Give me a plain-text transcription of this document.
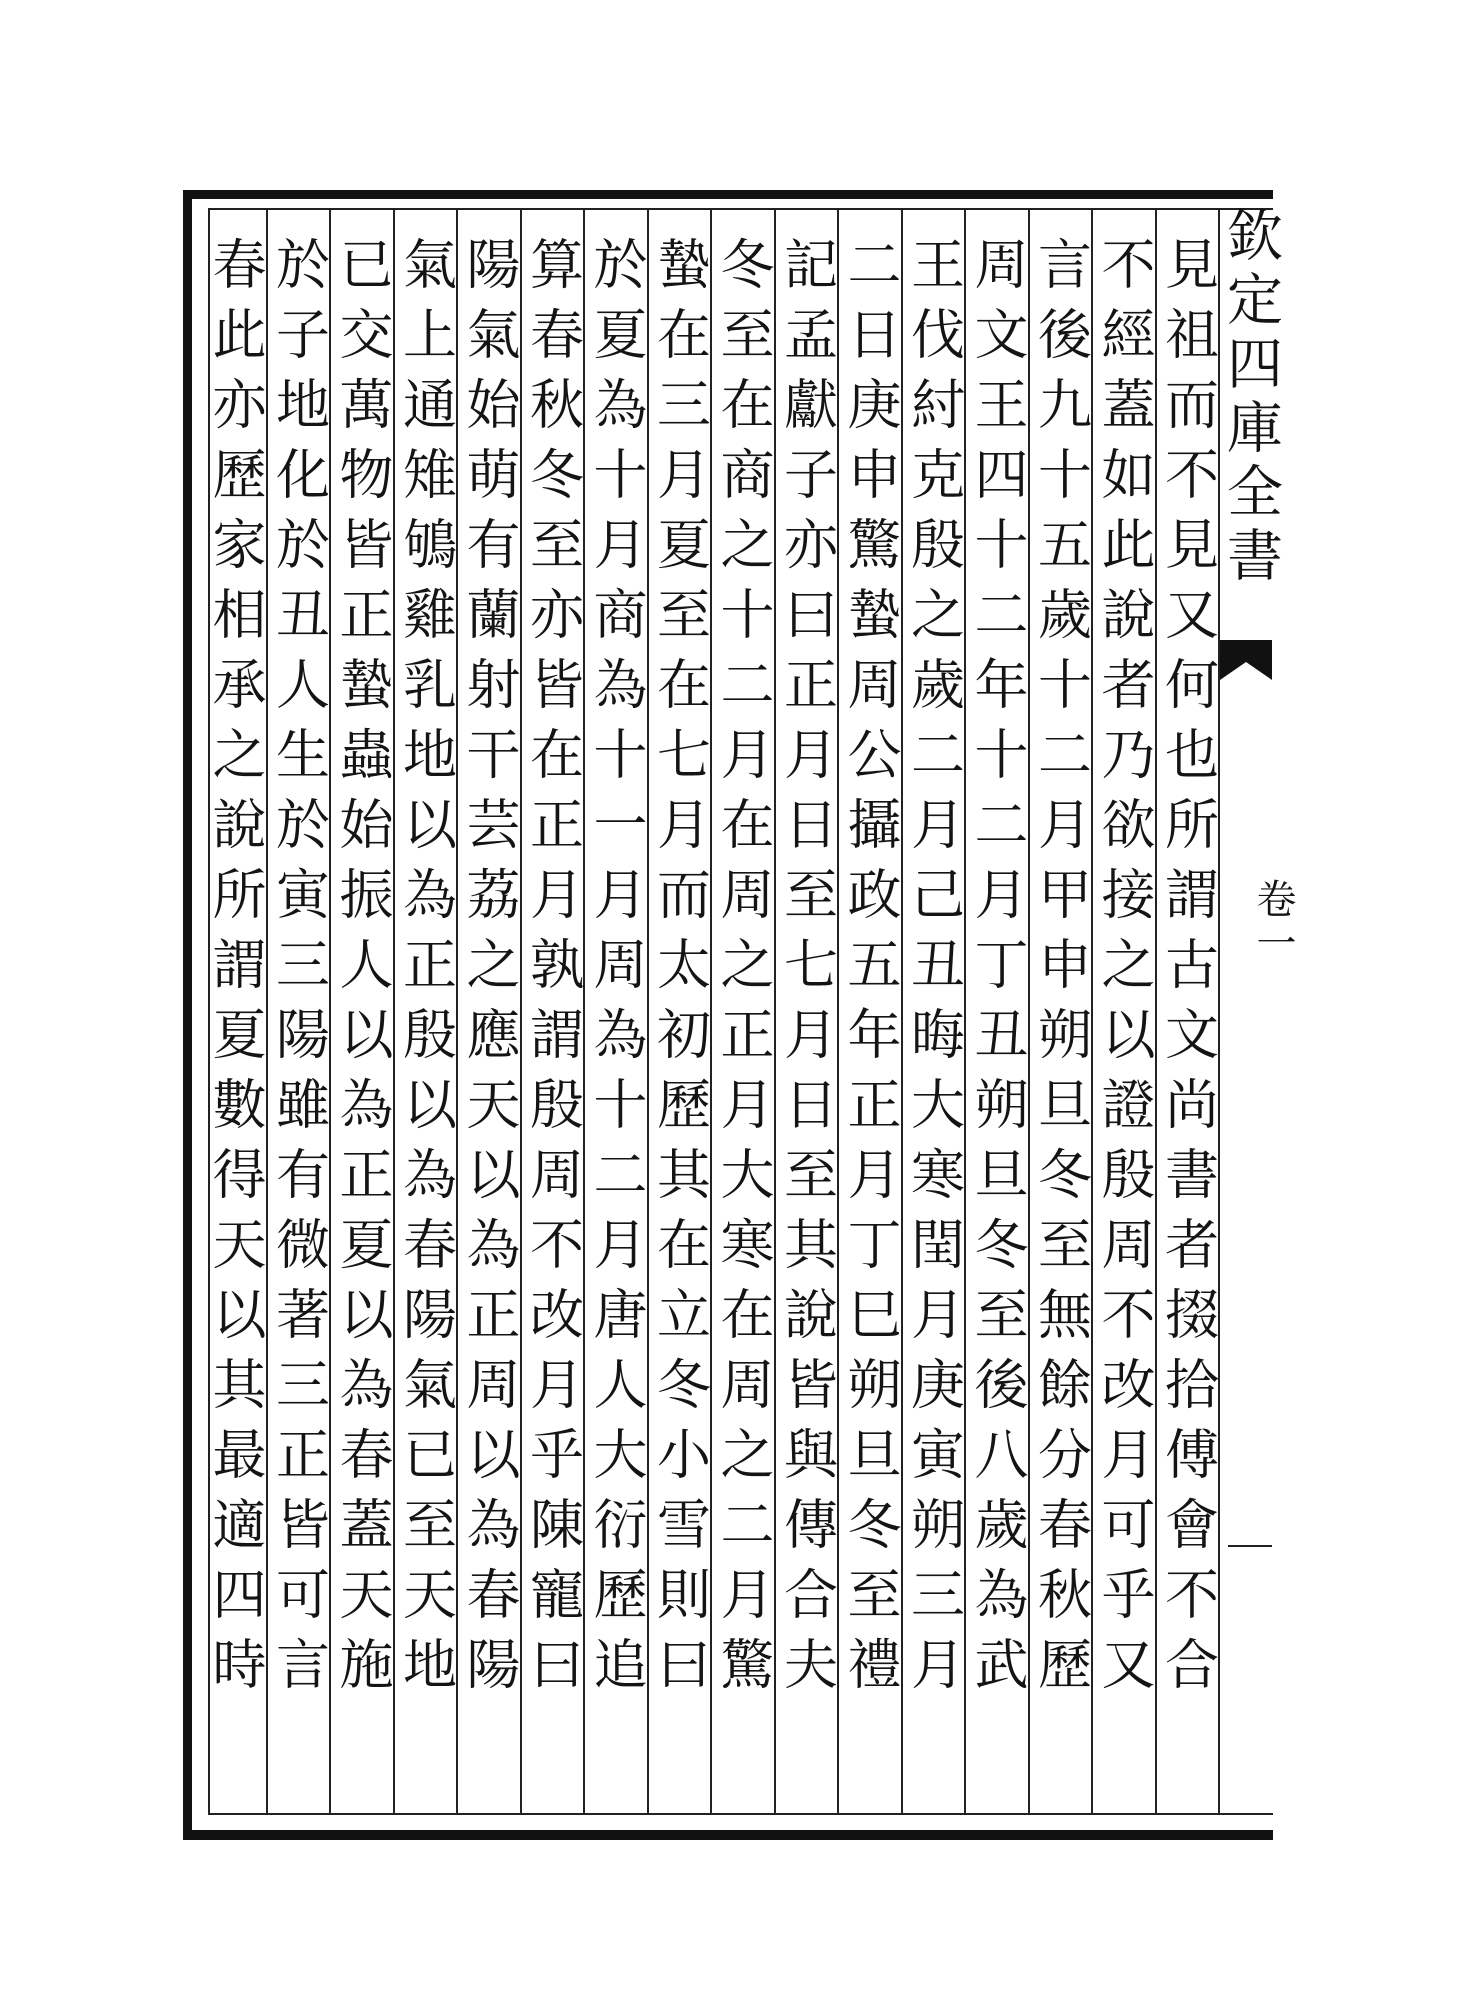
欽定四庫全書
卷一
見祖而不見又何也所謂古文尚書者掇拾傅會不合
不經蓋如此說者乃欲接之以證殷周不改月可乎又
言後九十五歲十二月甲申朔旦冬至無餘分春秋歷
周文王四十二年十二月丁丑朔旦冬至後八歲為武
王伐紂克殷之歲二月己丑晦大寒閏月庚寅朔三月
二日庚申驚蟄周公攝政五年正月丁巳朔旦冬至禮
記孟獻子亦曰正月日至七月日至其說皆與傳合夫
冬至在商之十二月在周之正月大寒在周之二月驚
蟄在三月夏至在七月而太初歷其在立冬小雪則曰
於夏為十月商為十一月周為十二月唐人大衍歷追
算春秋冬至亦皆在正月孰謂殷周不改月乎陳寵曰
陽氣始萌有蘭射干芸荔之應天以為正周以為春陽
氣上通雉鴝雞乳地以為正殷以為春陽氣已至天地
已交萬物皆正蟄蟲始振人以為正夏以為春蓋天施
於子地化於丑人生於寅三陽雖有微著三正皆可言
春此亦歷家相承之說所謂夏數得天以其最適四時
